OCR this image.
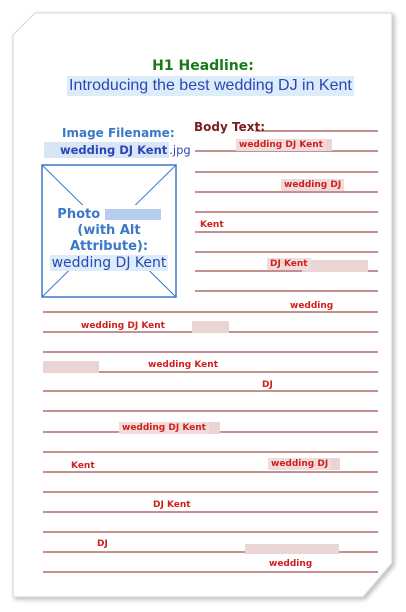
H1 Headline:
Introducing the best wedding DJ in Kent
Image Filename:
wedding DJ Kent .jpg
Photo
(with Alt Attribute):
wedding DJ Kent
Body Text:
wedding DJ Kent
wedding DJ
Kent
DJ Kent
wedding
wedding DJ Kent
wedding Kent
DJ
wedding DJ Kent
Kent	wedding DJ
DJ Kent
DJ
wedding
